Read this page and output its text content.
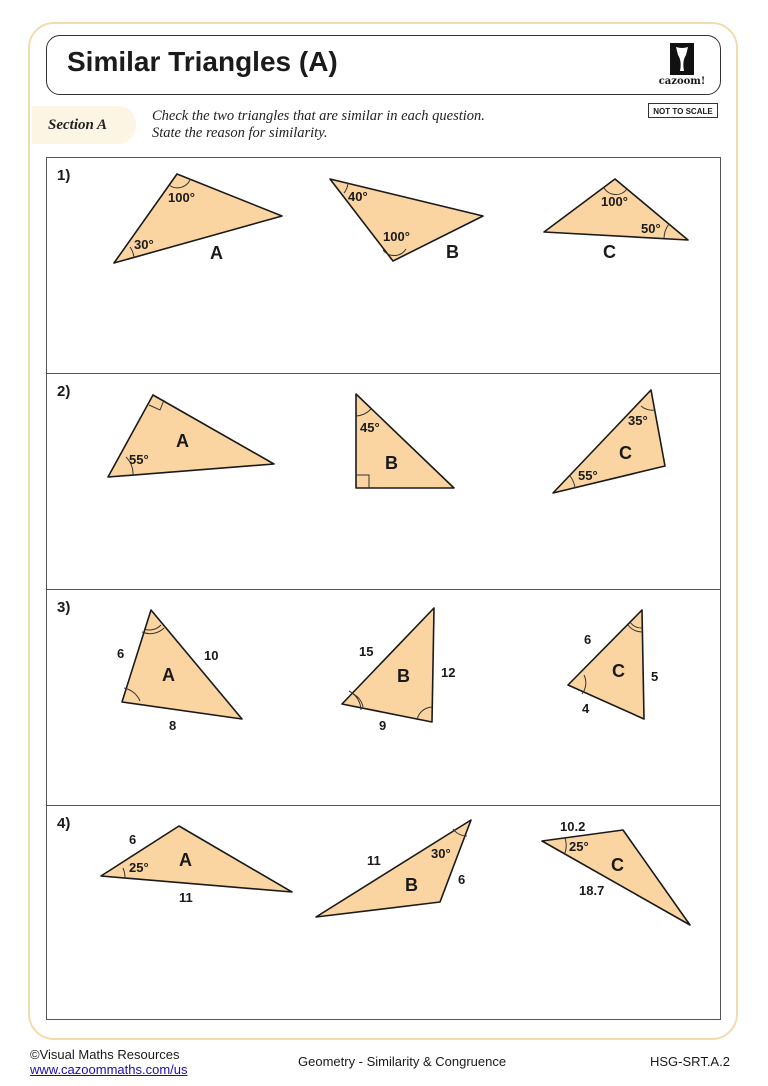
Similar Triangles (A)
cazoom!
Section A
Check the two triangles that are similar in each question.
State the reason for similarity.
NOT TO SCALE
1)
100°
30°	A
40°
100°
B
100°
50°
C
2)
55°
A
45°
B
35°
55°
C
3)
6	10
8
A
15
12
9
B
6
5
4
C
4)
6
25°
11
A	11	30°
6
B
10.2
25°
18.7
C
©Visual Maths Resources
www.cazoommaths.com/us
Geometry - Similarity & Congruence	HSG-SRT.A.2
